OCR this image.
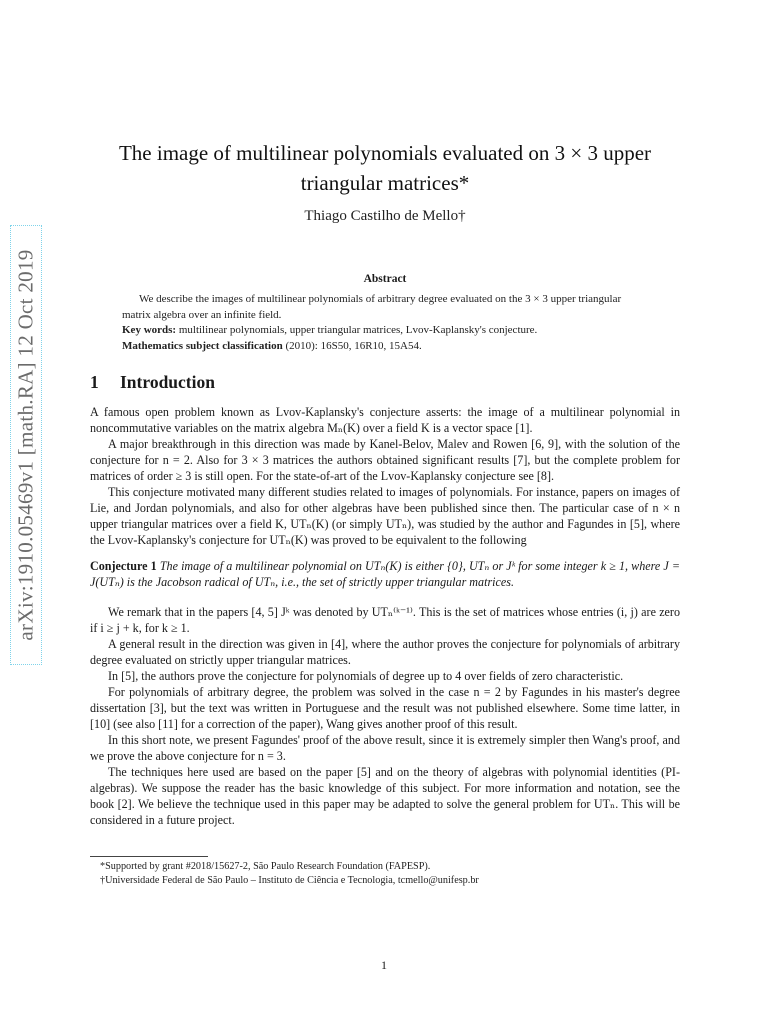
arXiv:1910.05469v1 [math.RA] 12 Oct 2019
The image of multilinear polynomials evaluated on 3 × 3 upper
triangular matrices*
Thiago Castilho de Mello†
Abstract

We describe the images of multilinear polynomials of arbitrary degree evaluated on the 3 × 3 upper triangular matrix algebra over an infinite field.

Key words: multilinear polynomials, upper triangular matrices, Lvov-Kaplansky's conjecture.

Mathematics subject classification (2010): 16S50, 16R10, 15A54.

1 Introduction

A famous open problem known as Lvov-Kaplansky's conjecture asserts: the image of a multilinear polynomial in noncommutative variables on the matrix algebra Mₙ(K) over a field K is a vector space [1].

A major breakthrough in this direction was made by Kanel-Belov, Malev and Rowen [6, 9], with the solution of the conjecture for n = 2. Also for 3 × 3 matrices the authors obtained significant results [7], but the complete problem for matrices of order ≥ 3 is still open. For the state-of-art of the Lvov-Kaplansky conjecture see [8].

This conjecture motivated many different studies related to images of polynomials. For instance, papers on images of Lie, and Jordan polynomials, and also for other algebras have been published since then. The particular case of n × n upper triangular matrices over a field K, UTₙ(K) (or simply UTₙ), was studied by the author and Fagundes in [5], where the Lvov-Kaplansky's conjecture for UTₙ(K) was proved to be equivalent to the following

Conjecture 1 The image of a multilinear polynomial on UTₙ(K) is either {0}, UTₙ or Jᵏ for some integer k ≥ 1, where J = J(UTₙ) is the Jacobson radical of UTₙ, i.e., the set of strictly upper triangular matrices.

We remark that in the papers [4, 5] Jᵏ was denoted by UTₙ⁽ᵏ⁻¹⁾. This is the set of matrices whose entries (i, j) are zero if i ≥ j + k, for k ≥ 1.

A general result in the direction was given in [4], where the author proves the conjecture for polynomials of arbitrary degree evaluated on strictly upper triangular matrices.

In [5], the authors prove the conjecture for polynomials of degree up to 4 over fields of zero characteristic.

For polynomials of arbitrary degree, the problem was solved in the case n = 2 by Fagundes in his master's degree dissertation [3], but the text was written in Portuguese and the result was not published elsewhere. Some time latter, in [10] (see also [11] for a correction of the paper), Wang gives another proof of this result.

In this short note, we present Fagundes' proof of the above result, since it is extremely simpler then Wang's proof, and we prove the above conjecture for n = 3.

The techniques here used are based on the paper [5] and on the theory of algebras with polynomial identities (PI-algebras). We suppose the reader has the basic knowledge of this subject. For more information and notation, see the book [2]. We believe the technique used in this paper may be adapted to solve the general problem for UTₙ. This will be considered in a future project.

*Supported by grant #2018/15627-2, São Paulo Research Foundation (FAPESP).

†Universidade Federal de São Paulo – Instituto de Ciência e Tecnologia, tcmello@unifesp.br

1
